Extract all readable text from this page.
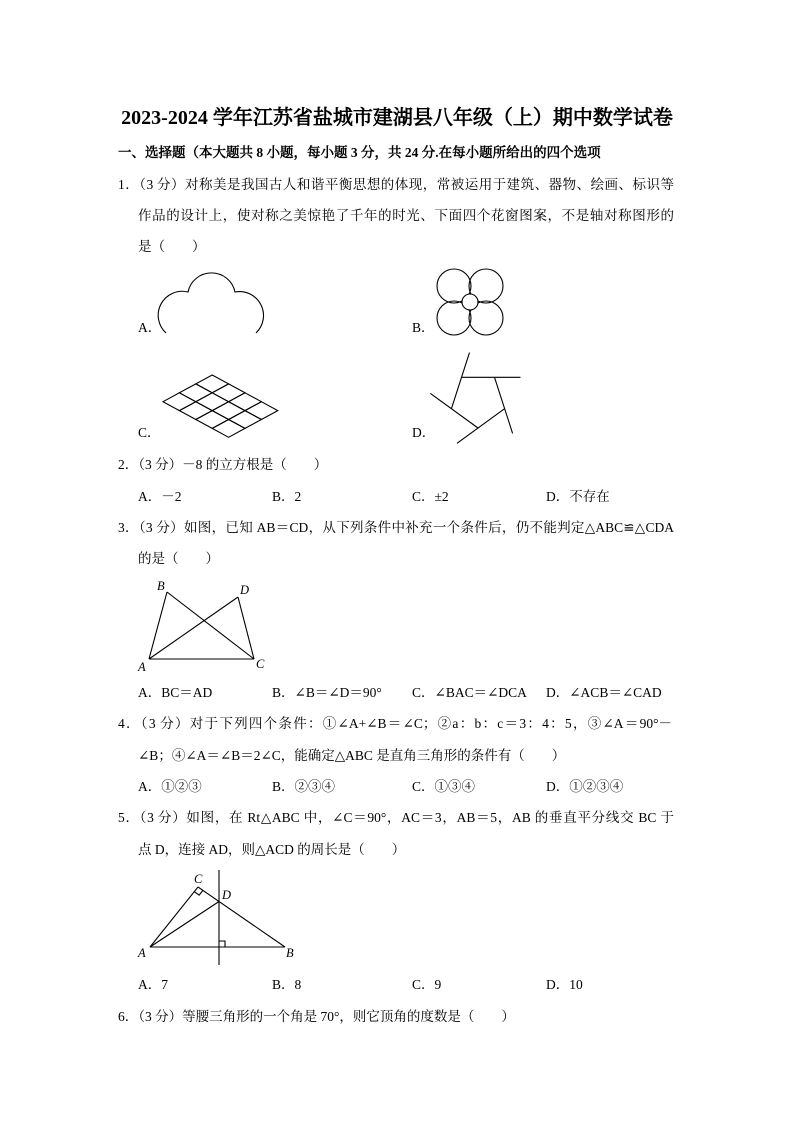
2023-2024 学年江苏省盐城市建湖县八年级（上）期中数学试卷
一、选择题（本大题共 8 小题，每小题 3 分，共 24 分.在每小题所给出的四个选项
1．（3 分）对称美是我国古人和谐平衡思想的体现，常被运用于建筑、器物、绘画、标识等
作品的设计上，使对称之美惊艳了千年的时光、下面四个花窗图案，不是轴对称图形的
是（　　）
A．	B．
C．	D．
2．（3 分）－8 的立方根是（　　）
A．－2	B．2	C．±2	D．不存在
3．（3 分）如图，已知 AB＝CD，从下列条件中补充一个条件后，仍不能判定△ABC≌△CDA
的是（　　）
A．BC＝AD	B．∠B＝∠D＝90° C．∠BAC＝∠DCA D．∠ACB＝∠CAD
4．（3 分）对于下列四个条件：①∠A+∠B＝∠C；②a：b：c＝3：4：5，③∠A＝90°－
∠B；④∠A＝∠B＝2∠C，能确定△ABC 是直角三角形的条件有（　　）
A．①②③	B．②③④	C．①③④	D．①②③④
5．（3 分）如图，在 Rt△ABC 中，∠C＝90°，AC＝3，AB＝5，AB 的垂直平分线交 BC 于
点 D，连接 AD，则△ACD 的周长是（　　）
A．7	B．8	C．9	D．10
6．（3 分）等腰三角形的一个角是 70°，则它顶角的度数是（　　）
B	D
A	C
C
D
A	B
